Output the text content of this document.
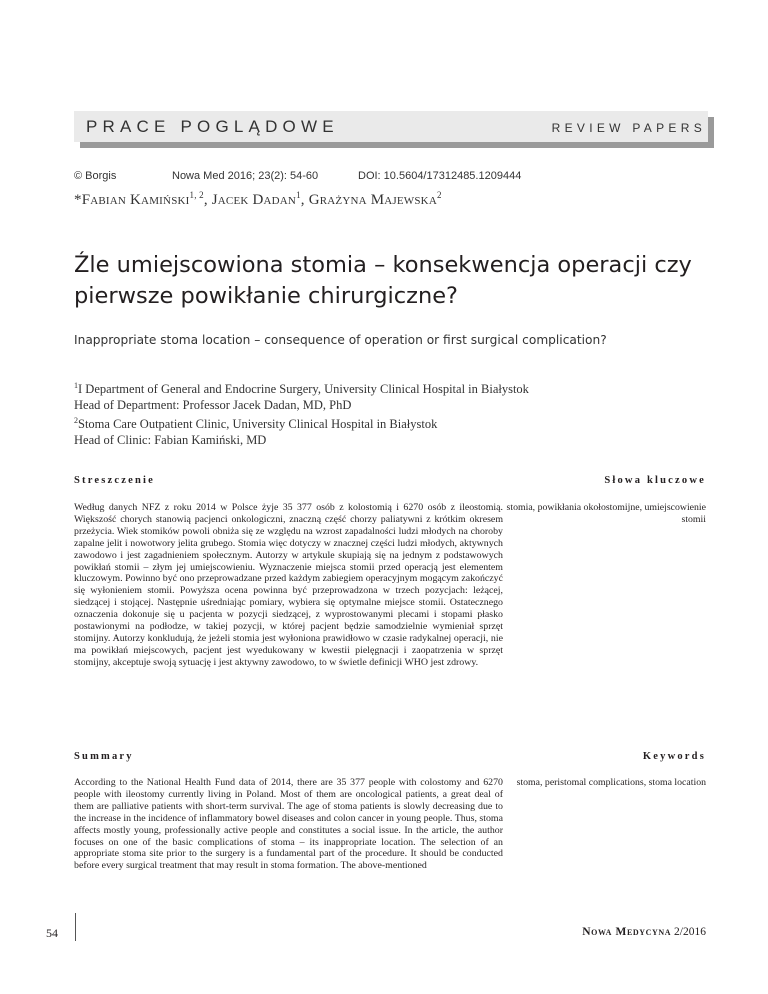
PRACE POGLĄDOWE	REVIEW PAPERS
© Borgis	Nowa Med 2016; 23(2): 54-60	DOI: 10.5604/17312485.1209444
*Fabian Kamiński$^{1, 2}$, Jacek Dadan$^1$, Grażyna Majewska$^2$
Źle umiejscowiona stomia – konsekwencja operacji czy pierwsze powikłanie chirurgiczne?
Inappropriate stoma location – consequence of operation or first surgical complication?
$^1$I Department of General and Endocrine Surgery, University Clinical Hospital in Białystok
Head of Department: Professor Jacek Dadan, MD, PhD
$^2$Stoma Care Outpatient Clinic, University Clinical Hospital in Białystok
Head of Clinic: Fabian Kamiński, MD
Streszczenie	Słowa kluczowe
Według danych NFZ z roku 2014 w Polsce żyje 35 377 osób z kolostomią i 6270 osób z ileostomią. Większość chorych stanowią pacjenci onkologiczni, znaczną część chorzy paliatywni z krótkim okresem przeżycia. Wiek stomików powoli obniża się ze względu na wzrost zapadalności ludzi młodych na choroby zapalne jelit i nowotwory jelita grubego. Stomia więc dotyczy w znacznej części ludzi młodych, aktywnych zawodowo i jest zagadnieniem społecznym. Autorzy w artykule skupiają się na jednym z podstawowych powikłań stomii – złym jej umiejscowieniu. Wyznaczenie miejsca stomii przed operacją jest elementem kluczowym. Powinno być ono przeprowadzane przed każdym zabiegiem operacyjnym mogącym zakończyć się wyłonieniem stomii. Powyższa ocena powinna być przeprowadzona w trzech pozycjach: leżącej, siedzącej i stojącej. Następnie uśredniając pomiary, wybiera się optymalne miejsce stomii. Ostatecznego oznaczenia dokonuje się u pacjenta w pozycji siedzącej, z wyprostowanymi plecami i stopami płasko postawionymi na podłodze, w takiej pozycji, w której pacjent będzie samodzielnie wymieniał sprzęt stomijny. Autorzy konkludują, że jeżeli stomia jest wyłoniona prawidłowo w czasie radykalnej operacji, nie ma powikłań miejscowych, pacjent jest wyedukowany w kwestii pielęgnacji i zaopatrzenia w sprzęt stomijny, akceptuje swoją sytuację i jest aktywny zawodowo, to w świetle definicji WHO jest zdrowy.
stomia, powikłania okołostomijne, umiejscowienie stomii
Summary	Keywords
According to the National Health Fund data of 2014, there are 35 377 people with colostomy and 6270 people with ileostomy currently living in Poland. Most of them are oncological patients, a great deal of them are palliative patients with short-term survival. The age of stoma patients is slowly decreasing due to the increase in the incidence of inflammatory bowel diseases and colon cancer in young people. Thus, stoma affects mostly young, professionally active people and constitutes a social issue. In the article, the author focuses on one of the basic complications of stoma – its inappropriate location. The selection of an appropriate stoma site prior to the surgery is a fundamental part of the procedure. It should be conducted before every surgical treatment that may result in stoma formation. The above-mentioned
stoma, peristomal complications, stoma location
54	Nowa Medycyna 2/2016
